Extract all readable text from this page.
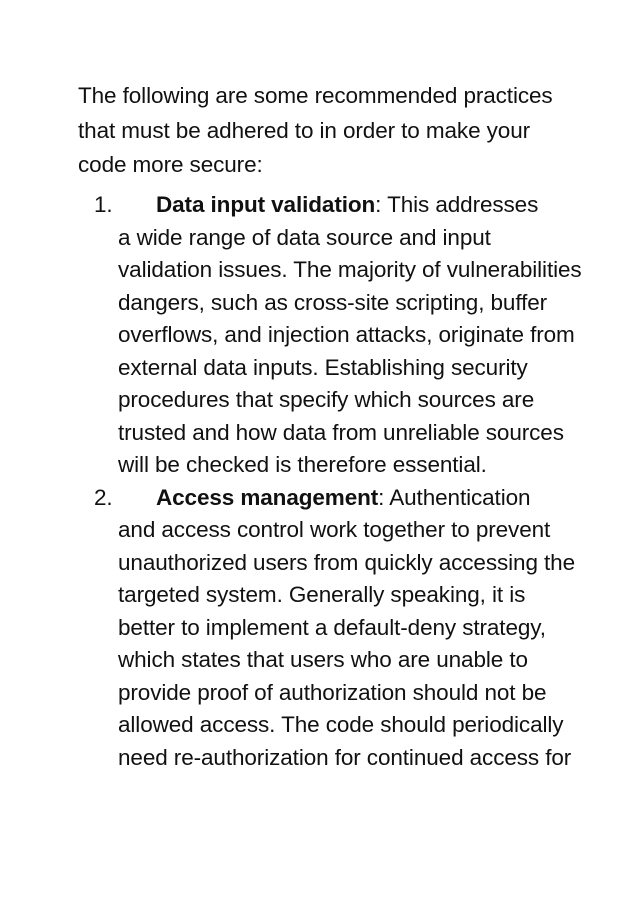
The following are some recommended practices that must be adhered to in order to make your code more secure:

1.	Data input validation: This addresses
a wide range of data source and input validation issues. The majority of vulnerabilities dangers, such as cross-site scripting, buffer overflows, and injection attacks, originate from external data inputs. Establishing security procedures that specify which sources are trusted and how data from unreliable sources will be checked is therefore essential.
2.	Access management: Authentication
and access control work together to prevent unauthorized users from quickly accessing the targeted system. Generally speaking, it is better to implement a default-deny strategy, which states that users who are unable to provide proof of authorization should not be allowed access. The code should periodically need re-authorization for continued access for
